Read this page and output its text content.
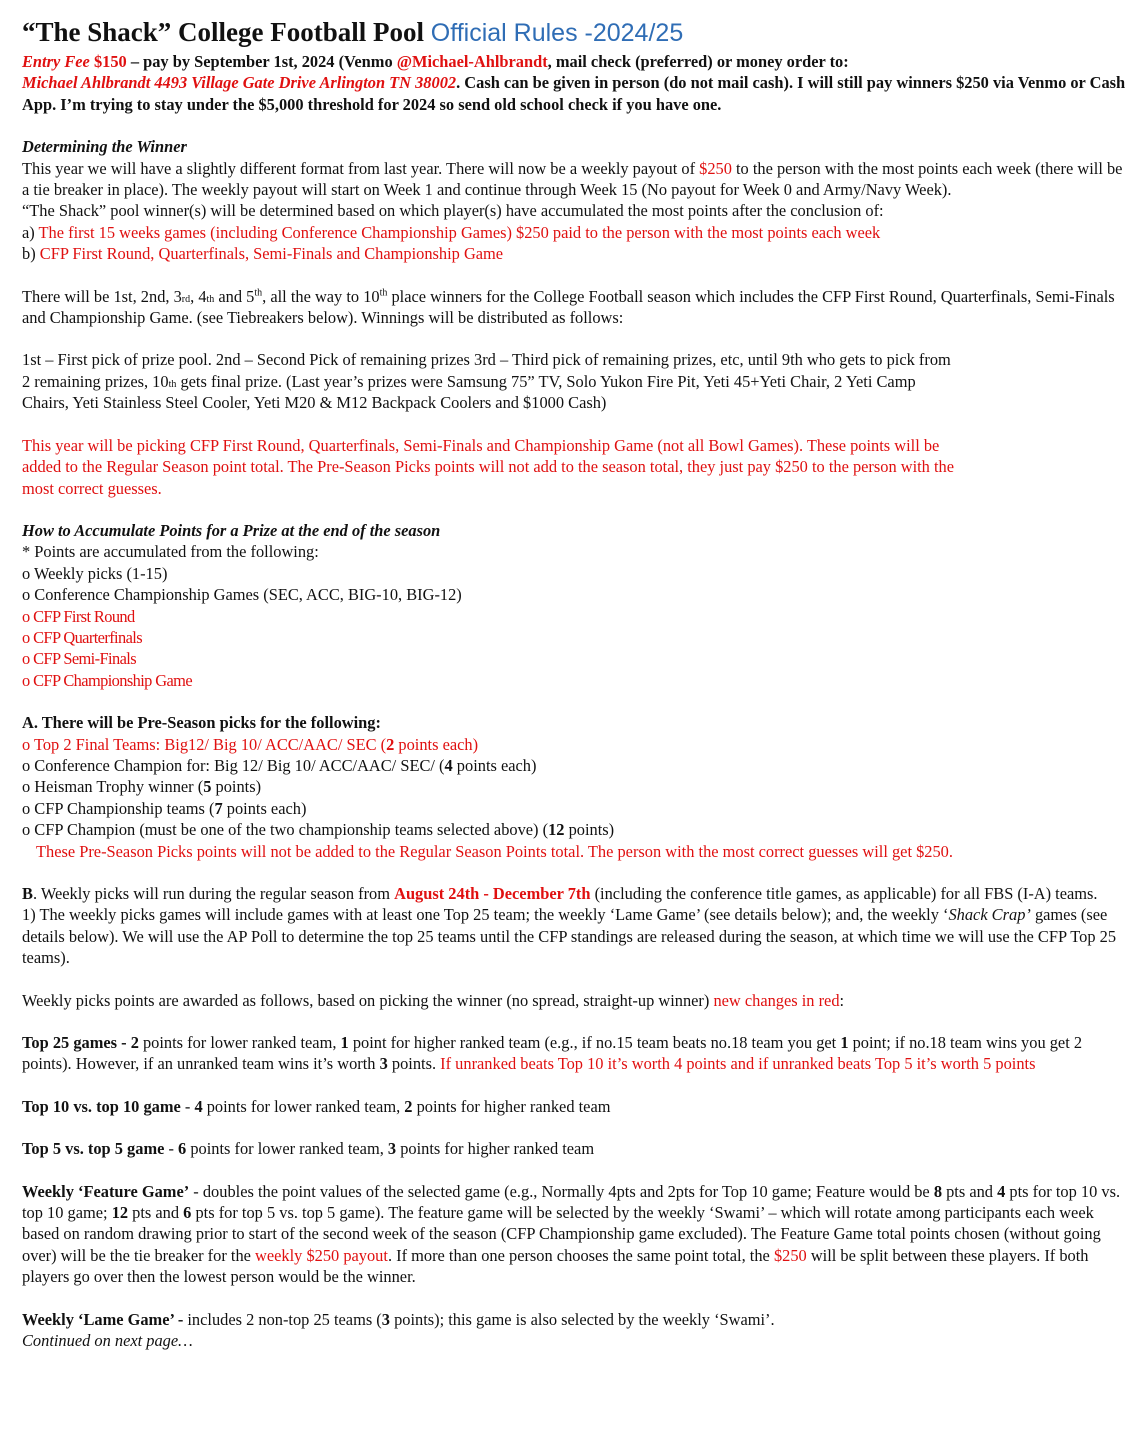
“The Shack” College Football Pool Official Rules -2024/25

Entry Fee $150 – pay by September 1st, 2024 (Venmo @Michael-Ahlbrandt, mail check (preferred) or money order to:
Michael Ahlbrandt 4493 Village Gate Drive Arlington TN 38002. Cash can be given in person (do not mail cash). I will still pay winners $250 via Venmo or Cash App. I’m trying to stay under the $5,000 threshold for 2024 so send old school check if you have one.

Determining the Winner

This year we will have a slightly different format from last year. There will now be a weekly payout of $250 to the person with the most points each week (there will be a tie breaker in place). The weekly payout will start on Week 1 and continue through Week 15 (No payout for Week 0 and Army/Navy Week).

“The Shack” pool winner(s) will be determined based on which player(s) have accumulated the most points after the conclusion of:

a) The first 15 weeks games (including Conference Championship Games) $250 paid to the person with the most points each week

b) CFP First Round, Quarterfinals, Semi-Finals and Championship Game

There will be 1st, 2nd, 3rd, 4th and 5th, all the way to 10th place winners for the College Football season which includes the CFP First Round, Quarterfinals, Semi-Finals and Championship Game. (see Tiebreakers below). Winnings will be distributed as follows:

1st – First pick of prize pool. 2nd – Second Pick of remaining prizes 3rd – Third pick of remaining prizes, etc, until 9th who gets to pick from 2 remaining prizes, 10th gets final prize. (Last year’s prizes were Samsung 75” TV, Solo Yukon Fire Pit, Yeti 45+Yeti Chair, 2 Yeti Camp Chairs, Yeti Stainless Steel Cooler, Yeti M20 & M12 Backpack Coolers and $1000 Cash)

This year will be picking CFP First Round, Quarterfinals, Semi-Finals and Championship Game (not all Bowl Games). These points will be added to the Regular Season point total. The Pre-Season Picks points will not add to the season total, they just pay $250 to the person with the most correct guesses.

How to Accumulate Points for a Prize at the end of the season

* Points are accumulated from the following:

o Weekly picks (1-15)

o Conference Championship Games (SEC, ACC, BIG-10, BIG-12)

o CFP First Round

o CFP Quarterfinals

o CFP Semi-Finals

o CFP Championship Game

A. There will be Pre-Season picks for the following:

o Top 2 Final Teams: Big12/ Big 10/ ACC/AAC/ SEC (2 points each)

o Conference Champion for: Big 12/ Big 10/ ACC/AAC/ SEC/ (4 points each)

o Heisman Trophy winner (5 points)

o CFP Championship teams (7 points each)

o CFP Champion (must be one of the two championship teams selected above) (12 points)

These Pre-Season Picks points will not be added to the Regular Season Points total. The person with the most correct guesses will get $250.

B. Weekly picks will run during the regular season from August 24th - December 7th (including the conference title games, as applicable) for all FBS (I-A) teams.

1) The weekly picks games will include games with at least one Top 25 team; the weekly ‘Lame Game’ (see details below); and, the weekly ‘Shack Crap’ games (see details below). We will use the AP Poll to determine the top 25 teams until the CFP standings are released during the season, at which time we will use the CFP Top 25 teams).

Weekly picks points are awarded as follows, based on picking the winner (no spread, straight-up winner) new changes in red:

Top 25 games - 2 points for lower ranked team, 1 point for higher ranked team (e.g., if no.15 team beats no.18 team you get 1 point; if no.18 team wins you get 2 points). However, if an unranked team wins it’s worth 3 points. If unranked beats Top 10 it’s worth 4 points and if unranked beats Top 5 it’s worth 5 points

Top 10 vs. top 10 game - 4 points for lower ranked team, 2 points for higher ranked team

Top 5 vs. top 5 game - 6 points for lower ranked team, 3 points for higher ranked team

Weekly ‘Feature Game’ - doubles the point values of the selected game (e.g., Normally 4pts and 2pts for Top 10 game; Feature would be 8 pts and 4 pts for top 10 vs. top 10 game; 12 pts and 6 pts for top 5 vs. top 5 game). The feature game will be selected by the weekly ‘Swami’ – which will rotate among participants each week based on random drawing prior to start of the second week of the season (CFP Championship game excluded). The Feature Game total points chosen (without going over) will be the tie breaker for the weekly $250 payout. If more than one person chooses the same point total, the $250 will be split between these players. If both players go over then the lowest person would be the winner.

Weekly ‘Lame Game’ - includes 2 non-top 25 teams (3 points); this game is also selected by the weekly ‘Swami’.

Continued on next page…
